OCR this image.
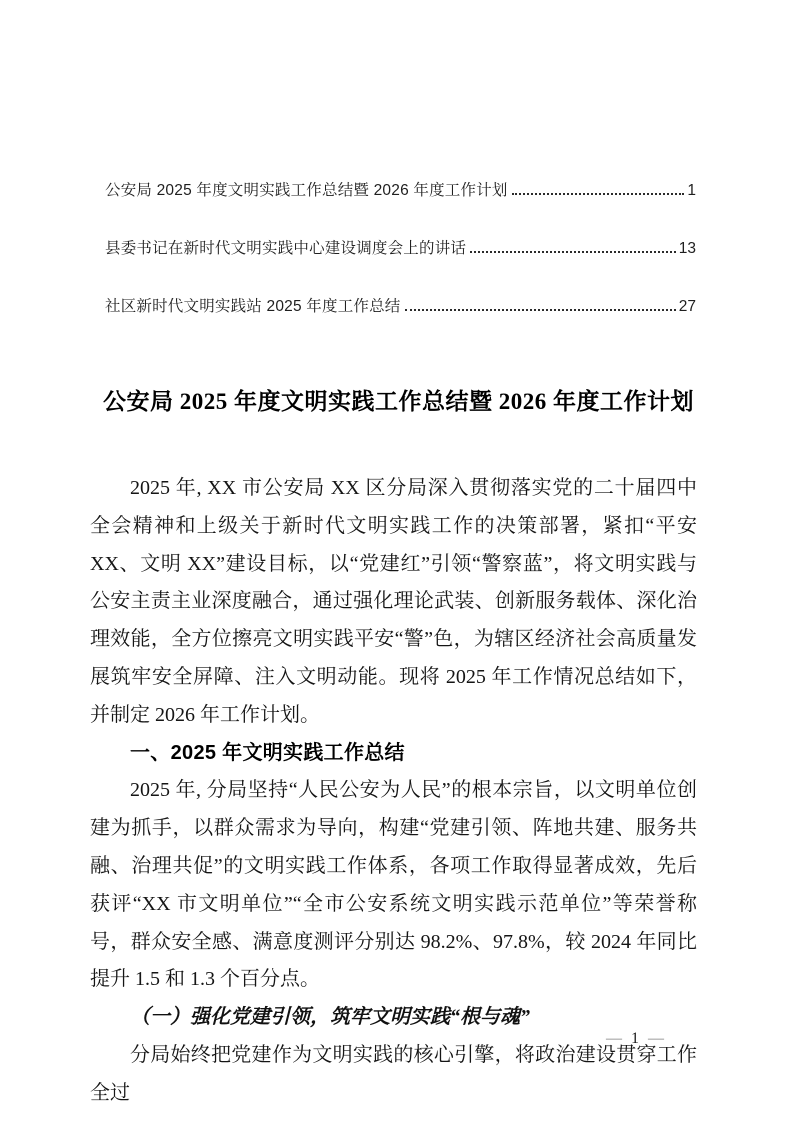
公安局 2025 年度文明实践工作总结暨 2026 年度工作计划	1
县委书记在新时代文明实践中心建设调度会上的讲话	13
社区新时代文明实践站 2025 年度工作总结	27
公安局 2025 年度文明实践工作总结暨 2026 年度工作计划

2025 年, XX 市公安局 XX 区分局深入贯彻落实党的二十届四中全会精神和上级关于新时代文明实践工作的决策部署，紧扣“平安 XX、文明 XX”建设目标，以“党建红”引领“警察蓝”，将文明实践与公安主责主业深度融合，通过强化理论武装、创新服务载体、深化治理效能，全方位擦亮文明实践平安“警”色，为辖区经济社会高质量发展筑牢安全屏障、注入文明动能。现将 2025 年工作情况总结如下，并制定 2026 年工作计划。

一、2025 年文明实践工作总结

2025 年, 分局坚持“人民公安为人民”的根本宗旨，以文明单位创建为抓手，以群众需求为导向，构建“党建引领、阵地共建、服务共融、治理共促”的文明实践工作体系，各项工作取得显著成效，先后获评“XX 市文明单位”“全市公安系统文明实践示范单位”等荣誉称号，群众安全感、满意度测评分别达 98.2%、97.8%，较 2024 年同比提升 1.5 和 1.3 个百分点。

（一）强化党建引领，筑牢文明实践“根与魂”

分局始终把党建作为文明实践的核心引擎，将政治建设贯穿工作全过

— 1 —
